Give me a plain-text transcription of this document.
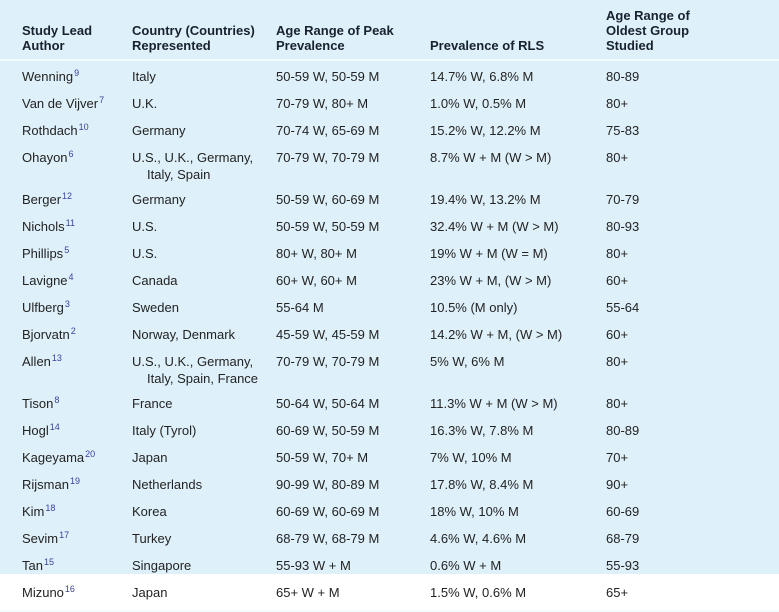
Study Lead
Author
Country (Countries)
Represented
Age Range of Peak
Prevalence	Prevalence of RLS
Age Range of
Oldest Group
Studied
Wenning$^9$	Italy	50-59 W, 50-59 M	14.7% W, 6.8% M	80-89
Van de Vijver$^7$	U.K.	70-79 W, 80+ M	1.0% W, 0.5% M	80+
Rothdach$^{10}$	Germany	70-74 W, 65-69 M	15.2% W, 12.2% M	75-83
Ohayon$^6$	U.S., U.K., Germany,
Italy, Spain
70-79 W, 70-79 M	8.7% W + M (W > M)	80+
Berger$^{12}$	Germany	50-59 W, 60-69 M	19.4% W, 13.2% M	70-79
Nichols$^{11}$	U.S.	50-59 W, 50-59 M	32.4% W + M (W > M)	80-93
Phillips$^5$	U.S.	80+ W, 80+ M	19% W + M (W = M)	80+
Lavigne$^4$	Canada	60+ W, 60+ M	23% W + M, (W > M)	60+
Ulfberg$^3$	Sweden	55-64 M	10.5% (M only)	55-64
Bjorvatn$^2$	Norway, Denmark	45-59 W, 45-59 M	14.2% W + M, (W > M)	60+
Allen$^{13}$	U.S., U.K., Germany,
Italy, Spain, France
70-79 W, 70-79 M	5% W, 6% M	80+
Tison$^8$	France	50-64 W, 50-64 M	11.3% W + M (W > M)	80+
Hogl$^{14}$	Italy (Tyrol)	60-69 W, 50-59 M	16.3% W, 7.8% M	80-89
Kageyama$^{20}$	Japan	50-59 W, 70+ M	7% W, 10% M	70+
Rijsman$^{19}$	Netherlands	90-99 W, 80-89 M	17.8% W, 8.4% M	90+
Kim$^{18}$	Korea	60-69 W, 60-69 M	18% W, 10% M	60-69
Sevim$^{17}$	Turkey	68-79 W, 68-79 M	4.6% W, 4.6% M	68-79
Tan$^{15}$	Singapore	55-93 W + M	0.6% W + M	55-93
Mizuno$^{16}$	Japan	65+ W + M	1.5% W, 0.6% M	65+
